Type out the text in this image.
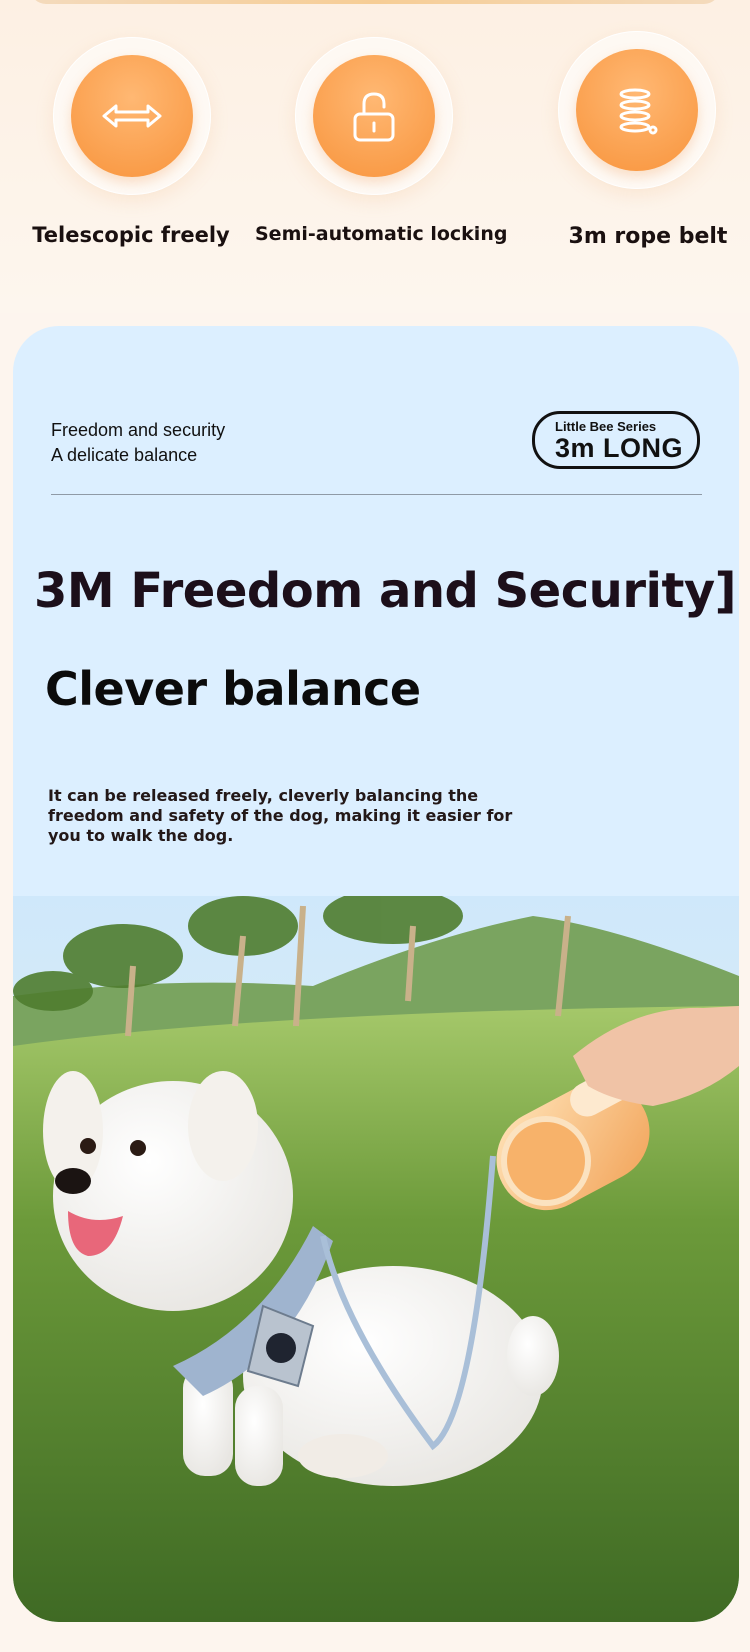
Telescopic freely	Semi-automatic locking	3m rope belt
Freedom and security
A delicate balance
Little Bee Series
3m LONG
3M Freedom and Security]
Clever balance
It can be released freely, cleverly balancing the freedom and safety of the dog, making it easier for you to walk the dog.
